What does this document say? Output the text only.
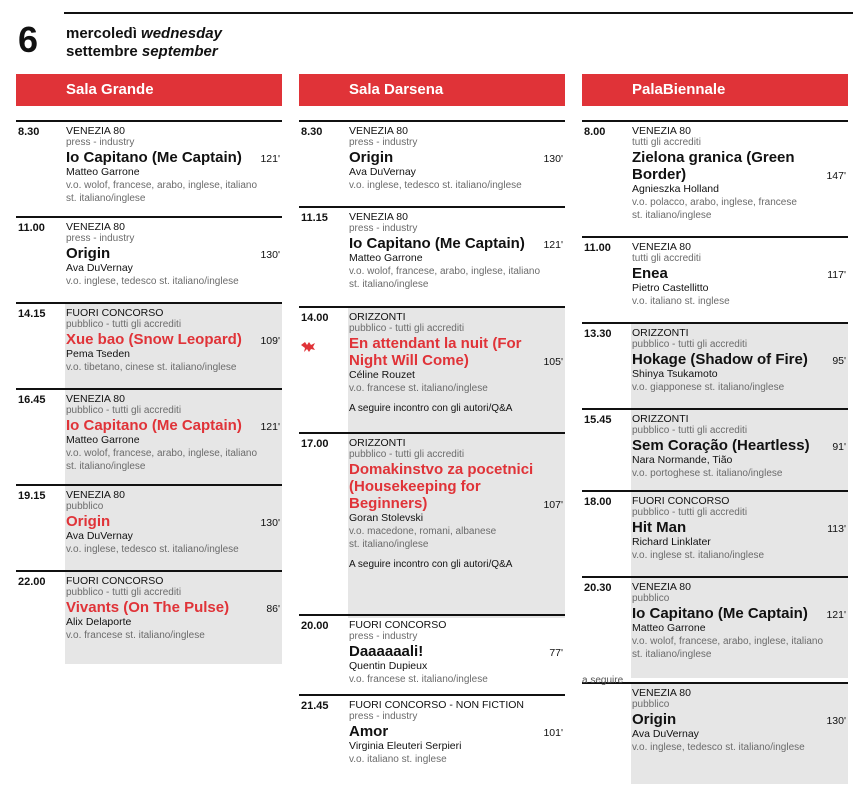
6 mercoledì wednesday
settembre september
Sala Grande
8.30	VENEZIA 80
press - industry
Io Capitano (Me Captain) 121'
Matteo Garrone
v.o. wolof, francese, arabo, inglese, italiano
st. italiano/inglese
11.00 VENEZIA 80
press - industry
Origin	130'
Ava DuVernay
v.o. inglese, tedesco st. italiano/inglese
14.15 FUORI CONCORSO
pubblico - tutti gli accrediti
Xue bao (Snow Leopard) 109'
Pema Tseden
v.o. tibetano, cinese st. italiano/inglese
16.45 VENEZIA 80
pubblico - tutti gli accrediti
Io Capitano (Me Captain) 121'
Matteo Garrone
v.o. wolof, francese, arabo, inglese, italiano
st. italiano/inglese
19.15 VENEZIA 80
pubblico
Origin	130'
Ava DuVernay
v.o. inglese, tedesco st. italiano/inglese
22.00 FUORI CONCORSO
pubblico - tutti gli accrediti
Vivants (On The Pulse)	86'
Alix Delaporte
v.o. francese st. italiano/inglese
Sala Darsena
8.30	VENEZIA 80
press - industry
Origin	130'
Ava DuVernay
v.o. inglese, tedesco st. italiano/inglese
11.15 VENEZIA 80
press - industry
Io Capitano (Me Captain) 121'
Matteo Garrone
v.o. wolof, francese, arabo, inglese, italiano
st. italiano/inglese
14.00 ORIZZONTI
pubblico - tutti gli accrediti
En attendant la nuit (For Night Will Come)	105'
Céline Rouzet
v.o. francese st. italiano/inglese
A seguire incontro con gli autori/Q&A
17.00 ORIZZONTI
pubblico - tutti gli accrediti
Domakinstvo za pocetnici (Housekeeping for Beginners)	107'
Goran Stolevski
v.o. macedone, romani, albanese
st. italiano/inglese
A seguire incontro con gli autori/Q&A
20.00 FUORI CONCORSO
press - industry
Daaaaaali!	77'
Quentin Dupieux
v.o. francese st. italiano/inglese
21.45 FUORI CONCORSO - NON FICTION
press - industry
Amor	101'
Virginia Eleuteri Serpieri
v.o. italiano st. inglese
PalaBiennale
8.00	VENEZIA 80
tutti gli accrediti
Zielona granica (Green Border)	147'
Agnieszka Holland
v.o. polacco, arabo, inglese, francese
st. italiano/inglese
11.00 VENEZIA 80
tutti gli accrediti
Enea	117'
Pietro Castellitto
v.o. italiano st. inglese
13.30 ORIZZONTI
pubblico - tutti gli accrediti
Hokage (Shadow of Fire) 95'
Shinya Tsukamoto
v.o. giapponese st. italiano/inglese
15.45 ORIZZONTI
pubblico - tutti gli accrediti
Sem Coração (Heartless) 91'
Nara Normande, Tião
v.o. portoghese st. italiano/inglese
18.00 FUORI CONCORSO
pubblico - tutti gli accrediti
Hit Man	113'
Richard Linklater
v.o. inglese st. italiano/inglese
20.30 VENEZIA 80
pubblico
Io Capitano (Me Captain) 121'
Matteo Garrone
v.o. wolof, francese, arabo, inglese, italiano
st. italiano/inglese
VENEZIA 80
pubblico
Origin	130'
Ava DuVernay
v.o. inglese, tedesco st. italiano/inglese
a seguire
